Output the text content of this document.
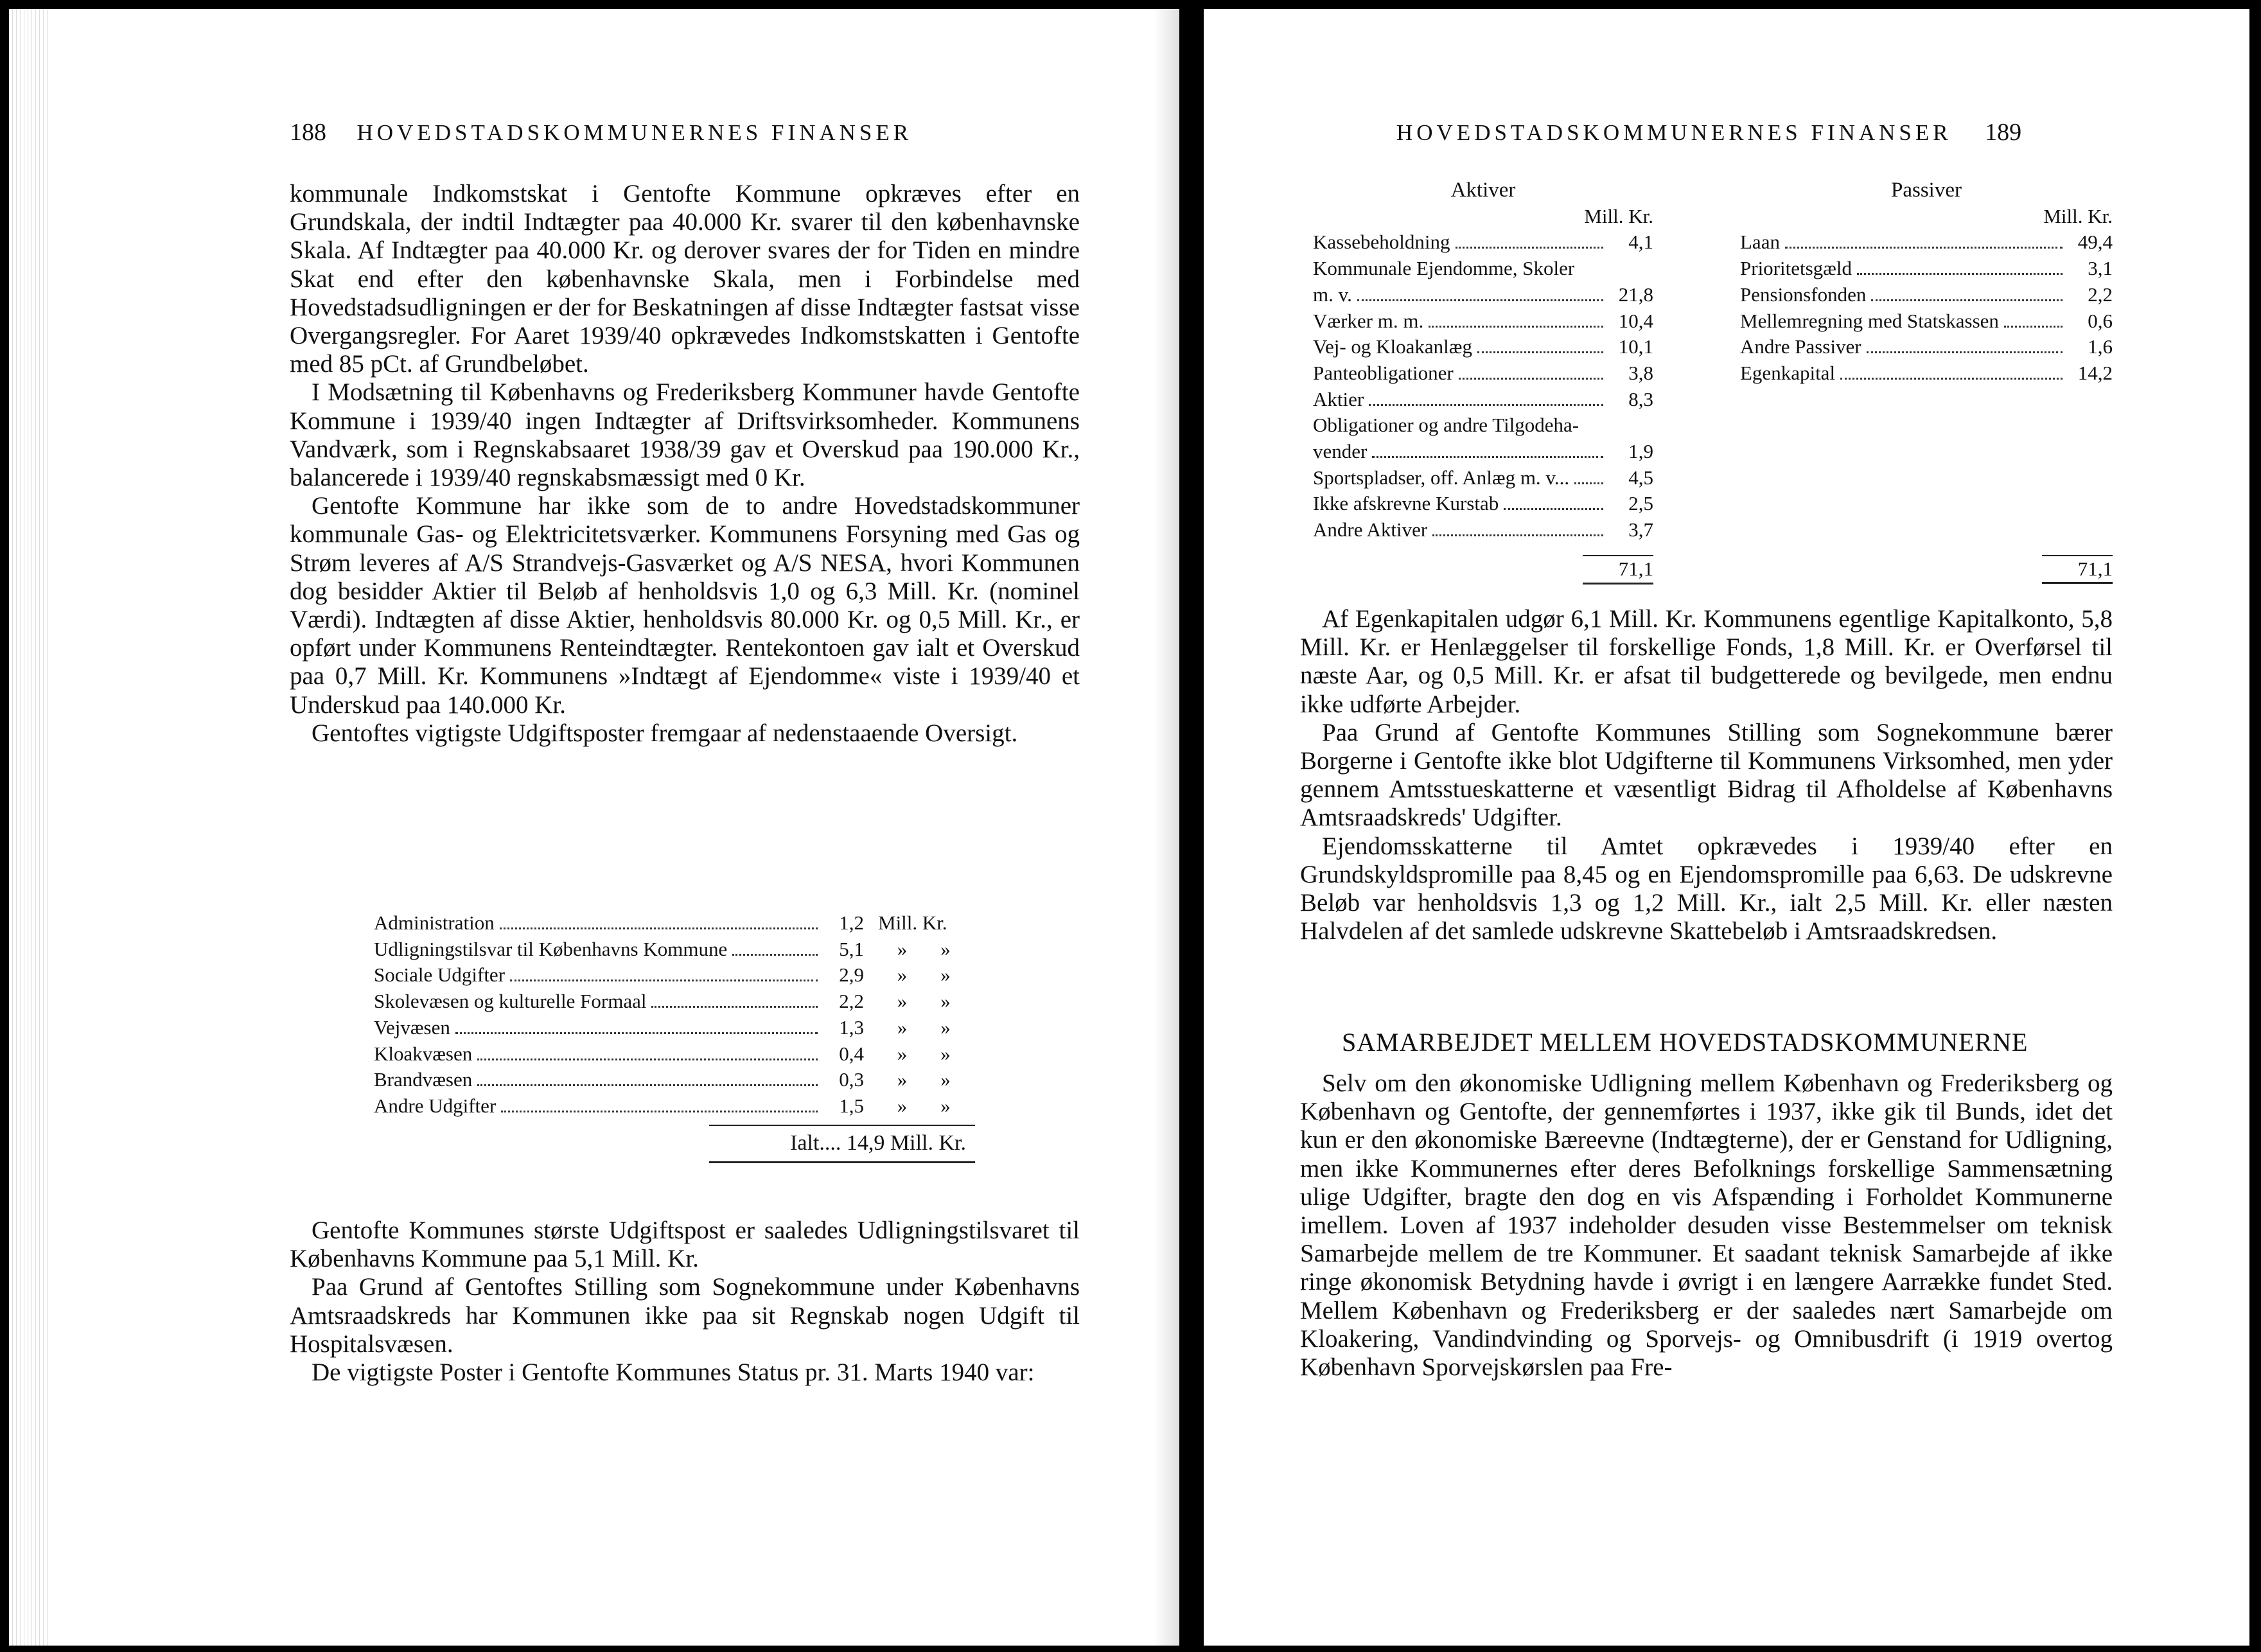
188 HOVEDSTADSKOMMUNERNES FINANSER

kommunale Indkomstskat i Gentofte Kommune opkræves efter en Grundskala, der indtil Indtægter paa 40.000 Kr. svarer til den københavnske Skala. Af Indtægter paa 40.000 Kr. og derover svares der for Tiden en mindre Skat end efter den københavnske Skala, men i Forbindelse med Hovedstadsudligningen er der for Beskatningen af disse Indtægter fastsat visse Overgangsregler. For Aaret 1939/40 opkrævedes Indkomstskatten i Gentofte med 85 pCt. af Grundbeløbet.

I Modsætning til Københavns og Frederiksberg Kommuner havde Gentofte Kommune i 1939/40 ingen Indtægter af Driftsvirksomheder. Kommunens Vandværk, som i Regnskabsaaret 1938/39 gav et Overskud paa 190.000 Kr., balancerede i 1939/40 regnskabsmæssigt med 0 Kr.

Gentofte Kommune har ikke som de to andre Hovedstadskommuner kommunale Gas- og Elektricitetsværker. Kommunens Forsyning med Gas og Strøm leveres af A/S Strandvejs-Gasværket og A/S NESA, hvori Kommunen dog besidder Aktier til Beløb af henholdsvis 1,0 og 6,3 Mill. Kr. (nominel Værdi). Indtægten af disse Aktier, henholdsvis 80.000 Kr. og 0,5 Mill. Kr., er opført under Kommunens Renteindtægter. Rentekontoen gav ialt et Overskud paa 0,7 Mill. Kr. Kommunens »Indtægt af Ejendomme« viste i 1939/40 et Underskud paa 140.000 Kr.

Gentoftes vigtigste Udgiftsposter fremgaar af nedenstaaende Oversigt.

Administration	1,2 Mill. Kr.
Udligningstilsvar til Københavns Kommune	5,1	»	»
Sociale Udgifter	2,9	»	»
Skolevæsen og kulturelle Formaal	2,2	»	»
Vejvæsen	1,3	»	»
Kloakvæsen	0,4	»	»
Brandvæsen	0,3	»	»
Andre Udgifter	1,5	»	»
Ialt.... 14,9 Mill. Kr.

Gentofte Kommunes største Udgiftspost er saaledes Udligningstilsvaret til Københavns Kommune paa 5,1 Mill. Kr.

Paa Grund af Gentoftes Stilling som Sognekommune under Københavns Amtsraadskreds har Kommunen ikke paa sit Regnskab nogen Udgift til Hospitalsvæsen.

De vigtigste Poster i Gentofte Kommunes Status pr. 31. Marts 1940 var:

HOVEDSTADSKOMMUNERNES FINANSER 189
Aktiver
Mill. Kr.
Kassebeholdning	4,1
Kommunale Ejendomme, Skoler
m. v.	21,8
Værker m. m.	10,4
Vej- og Kloakanlæg	10,1
Panteobligationer	3,8
Aktier	8,3
Obligationer og andre Tilgodeha-
vender	1,9
Sportspladser, off. Anlæg m. v...	4,5
Ikke afskrevne Kurstab	2,5
Andre Aktiver	3,7
71,1
Passiver
Mill. Kr.
Laan	49,4
Prioritetsgæld	3,1
Pensionsfonden	2,2
Mellemregning med Statskassen	0,6
Andre Passiver	1,6
Egenkapital	14,2
71,1

Af Egenkapitalen udgør 6,1 Mill. Kr. Kommunens egentlige Kapitalkonto, 5,8 Mill. Kr. er Henlæggelser til forskellige Fonds, 1,8 Mill. Kr. er Overførsel til næste Aar, og 0,5 Mill. Kr. er afsat til budgetterede og bevilgede, men endnu ikke udførte Arbejder.

Paa Grund af Gentofte Kommunes Stilling som Sognekommune bærer Borgerne i Gentofte ikke blot Udgifterne til Kommunens Virksomhed, men yder gennem Amtsstueskatterne et væsentligt Bidrag til Afholdelse af Københavns Amtsraadskreds' Udgifter.

Ejendomsskatterne til Amtet opkrævedes i 1939/40 efter en Grundskyldspromille paa 8,45 og en Ejendomspromille paa 6,63. De udskrevne Beløb var henholdsvis 1,3 og 1,2 Mill. Kr., ialt 2,5 Mill. Kr. eller næsten Halvdelen af det samlede udskrevne Skattebeløb i Amtsraadskredsen.

SAMARBEJDET MELLEM HOVEDSTADSKOMMUNERNE

Selv om den økonomiske Udligning mellem København og Frederiksberg og København og Gentofte, der gennemførtes i 1937, ikke gik til Bunds, idet det kun er den økonomiske Bæreevne (Indtægterne), der er Genstand for Udligning, men ikke Kommunernes efter deres Befolknings forskellige Sammensætning ulige Udgifter, bragte den dog en vis Afspænding i Forholdet Kommunerne imellem. Loven af 1937 indeholder desuden visse Bestemmelser om teknisk Samarbejde mellem de tre Kommuner. Et saadant teknisk Samarbejde af ikke ringe økonomisk Betydning havde i øvrigt i en længere Aarrække fundet Sted. Mellem København og Frederiksberg er der saaledes nært Samarbejde om Kloakering, Vandindvinding og Sporvejs- og Omnibusdrift (i 1919 overtog København Sporvejskørslen paa Fre-
